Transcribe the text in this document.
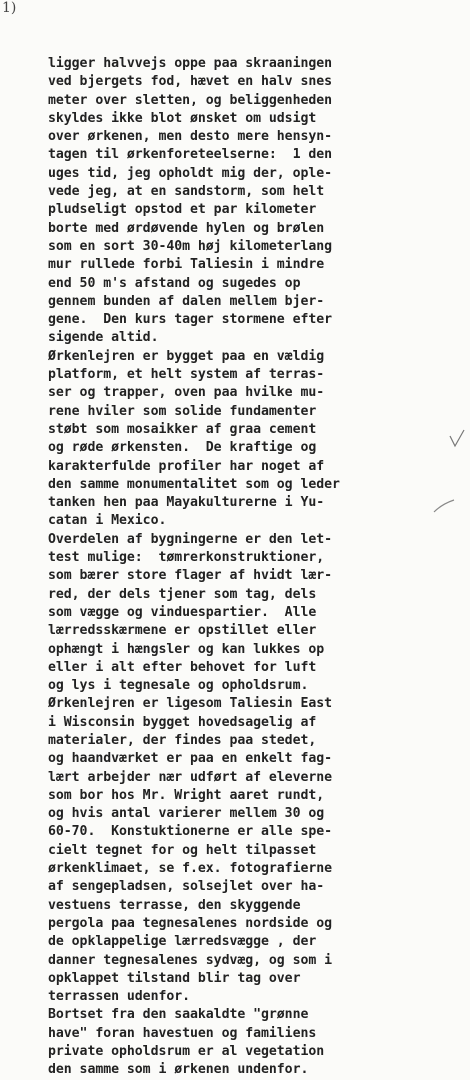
1)
ligger halvvejs oppe paa skraaningen
ved bjergets fod, hævet en halv snes
meter over sletten, og beliggenheden
skyldes ikke blot ønsket om udsigt
over ørkenen, men desto mere hensyn-
tagen til ørkenforeteelserne:  1 den
uges tid, jeg opholdt mig der, ople-
vede jeg, at en sandstorm, som helt
pludseligt opstod et par kilometer
borte med ørdøvende hylen og brølen
som en sort 30-40m høj kilometerlang
mur rullede forbi Taliesin i mindre
end 50 m's afstand og sugedes op
gennem bunden af dalen mellem bjer-
gene.  Den kurs tager stormene efter
sigende altid.
Ørkenlejren er bygget paa en vældig
platform, et helt system af terras-
ser og trapper, oven paa hvilke mu-
rene hviler som solide fundamenter
støbt som mosaikker af graa cement
og røde ørkensten.  De kraftige og
karakterfulde profiler har noget af
den samme monumentalitet som og leder
tanken hen paa Mayakulturerne i Yu-
catan i Mexico.
Overdelen af bygningerne er den let-
test mulige:  tømrerkonstruktioner,
som bærer store flager af hvidt lær-
red, der dels tjener som tag, dels
som vægge og vinduespartier.  Alle
lærredsskærmene er opstillet eller
ophængt i hængsler og kan lukkes op
eller i alt efter behovet for luft
og lys i tegnesale og opholdsrum.
Ørkenlejren er ligesom Taliesin East
i Wisconsin bygget hovedsagelig af
materialer, der findes paa stedet,
og haandværket er paa en enkelt fag-
lært arbejder nær udført af eleverne
som bor hos Mr. Wright aaret rundt,
og hvis antal varierer mellem 30 og
60-70.  Konstuktionerne er alle spe-
cielt tegnet for og helt tilpasset
ørkenklimaet, se f.ex. fotografierne
af sengepladsen, solsejlet over ha-
vestuens terrasse, den skyggende
pergola paa tegnesalenes nordside og
de opklappelige lærredsvægge , der
danner tegnesalenes sydvæg, og som i
opklappet tilstand blir tag over
terrassen udenfor.
Bortset fra den saakaldte "grønne
have" foran havestuen og familiens
private opholdsrum er al vegetation
den samme som i ørkenen undenfor.
